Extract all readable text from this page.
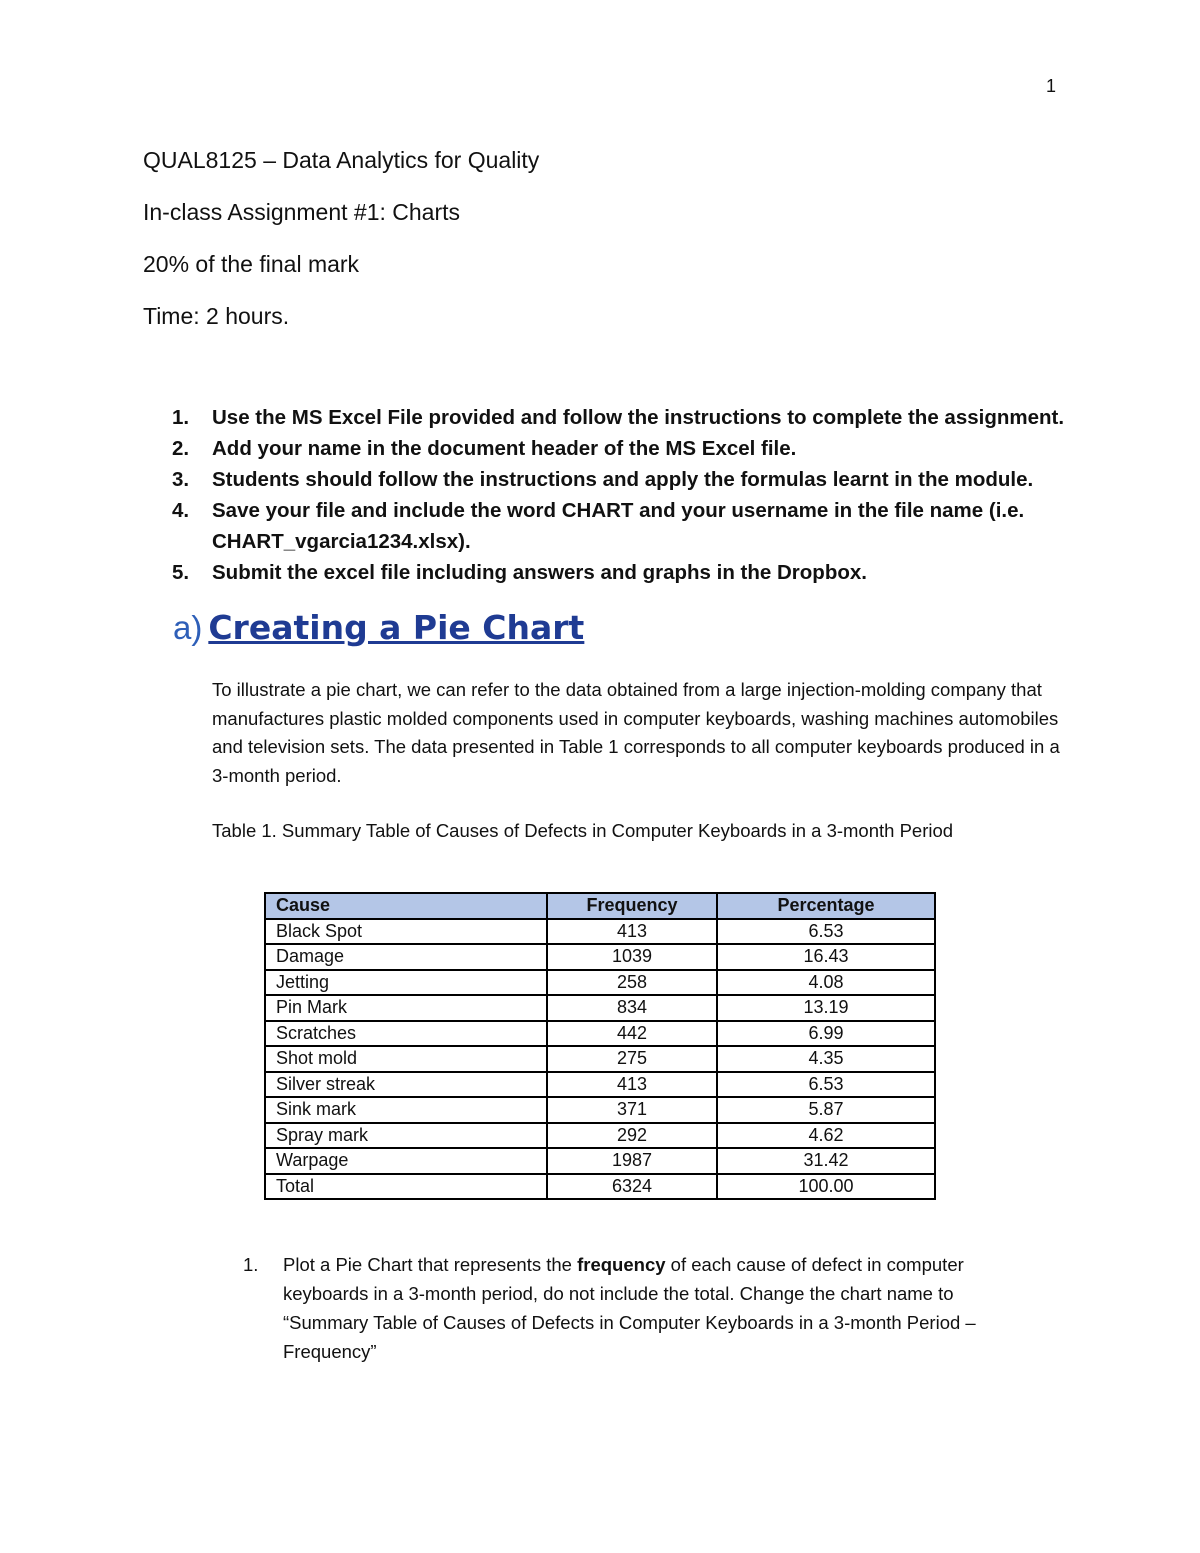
1
QUAL8125 – Data Analytics for Quality
In-class Assignment #1: Charts
20% of the final mark
Time: 2 hours.
1.	Use the MS Excel File provided and follow the instructions to complete the assignment.
2.	Add your name in the document header of the MS Excel file.
3.	Students should follow the instructions and apply the formulas learnt in the module.
4.	Save your file and include the word CHART and your username in the file name (i.e. CHART_vgarcia1234.xlsx).
5.	Submit the excel file including answers and graphs in the Dropbox.
a) Creating a Pie Chart
To illustrate a pie chart, we can refer to the data obtained from a large injection-molding company that manufactures plastic molded components used in computer keyboards, washing machines automobiles and television sets. The data presented in Table 1 corresponds to all computer keyboards produced in a 3-month period.
Table 1. Summary Table of Causes of Defects in Computer Keyboards in a 3-month Period
Cause	Frequency	Percentage
Black Spot	413	6.53
Damage	1039	16.43
Jetting	258	4.08
Pin Mark	834	13.19
Scratches	442	6.99
Shot mold	275	4.35
Silver streak	413	6.53
Sink mark	371	5.87
Spray mark	292	4.62
Warpage	1987	31.42
Total	6324	100.00
1.	Plot a Pie Chart that represents the frequency of each cause of defect in computer keyboards in a 3-month period, do not include the total. Change the chart name to “Summary Table of Causes of Defects in Computer Keyboards in a 3-month Period – Frequency”
